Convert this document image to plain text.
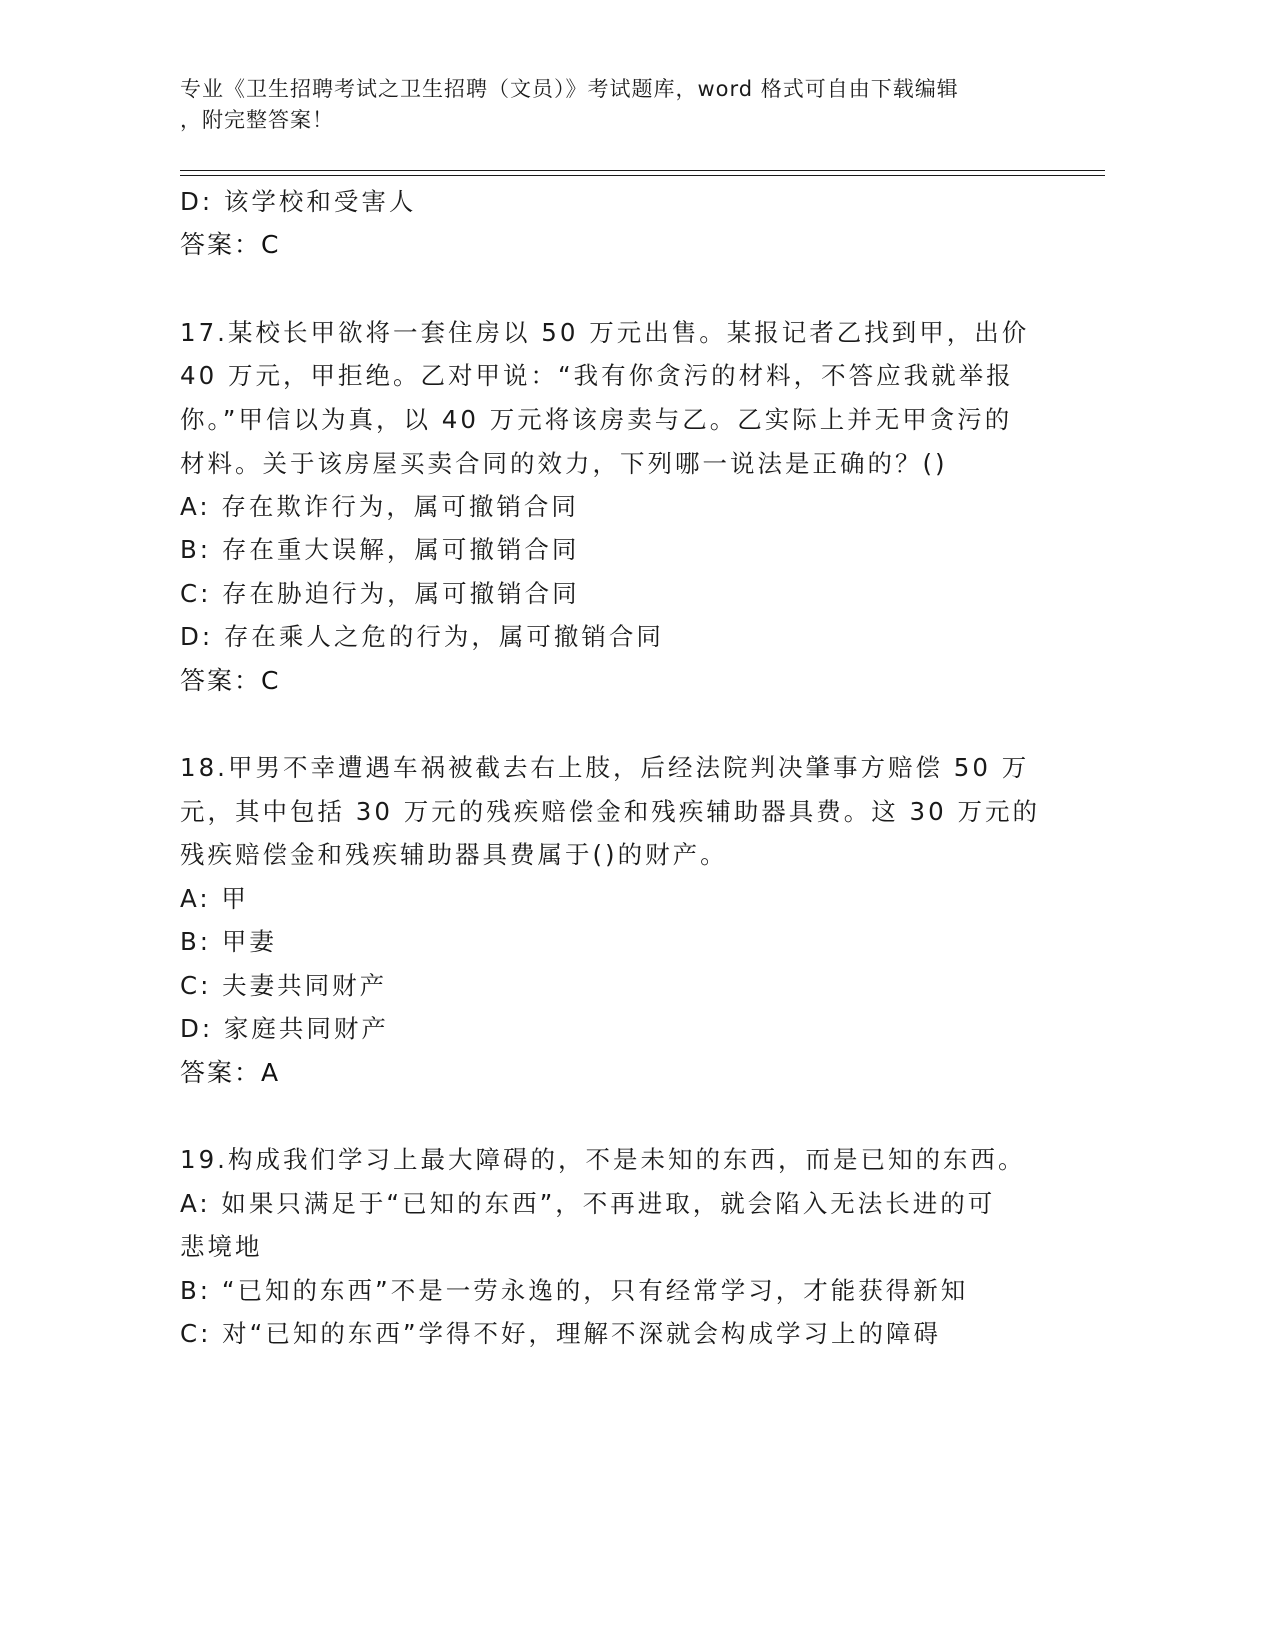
专业《卫生招聘考试之卫生招聘（文员）》考试题库，word 格式可自由下载编辑
，附完整答案！
D: 该学校和受害人
答案：C
17.某校长甲欲将一套住房以 50 万元出售。某报记者乙找到甲，出价
40 万元，甲拒绝。乙对甲说：“我有你贪污的材料，不答应我就举报
你。”甲信以为真，以 40 万元将该房卖与乙。乙实际上并无甲贪污的
材料。关于该房屋买卖合同的效力，下列哪一说法是正确的？()
A: 存在欺诈行为，属可撤销合同
B: 存在重大误解，属可撤销合同
C: 存在胁迫行为，属可撤销合同
D: 存在乘人之危的行为，属可撤销合同
答案：C
18.甲男不幸遭遇车祸被截去右上肢，后经法院判决肇事方赔偿 50 万
元，其中包括 30 万元的残疾赔偿金和残疾辅助器具费。这 30 万元的
残疾赔偿金和残疾辅助器具费属于()的财产。
A: 甲
B: 甲妻
C: 夫妻共同财产
D: 家庭共同财产
答案：A
19.构成我们学习上最大障碍的，不是未知的东西，而是已知的东西。
A: 如果只满足于“已知的东西”，不再进取，就会陷入无法长进的可
悲境地
B: “已知的东西”不是一劳永逸的，只有经常学习，才能获得新知
C: 对“已知的东西”学得不好，理解不深就会构成学习上的障碍
